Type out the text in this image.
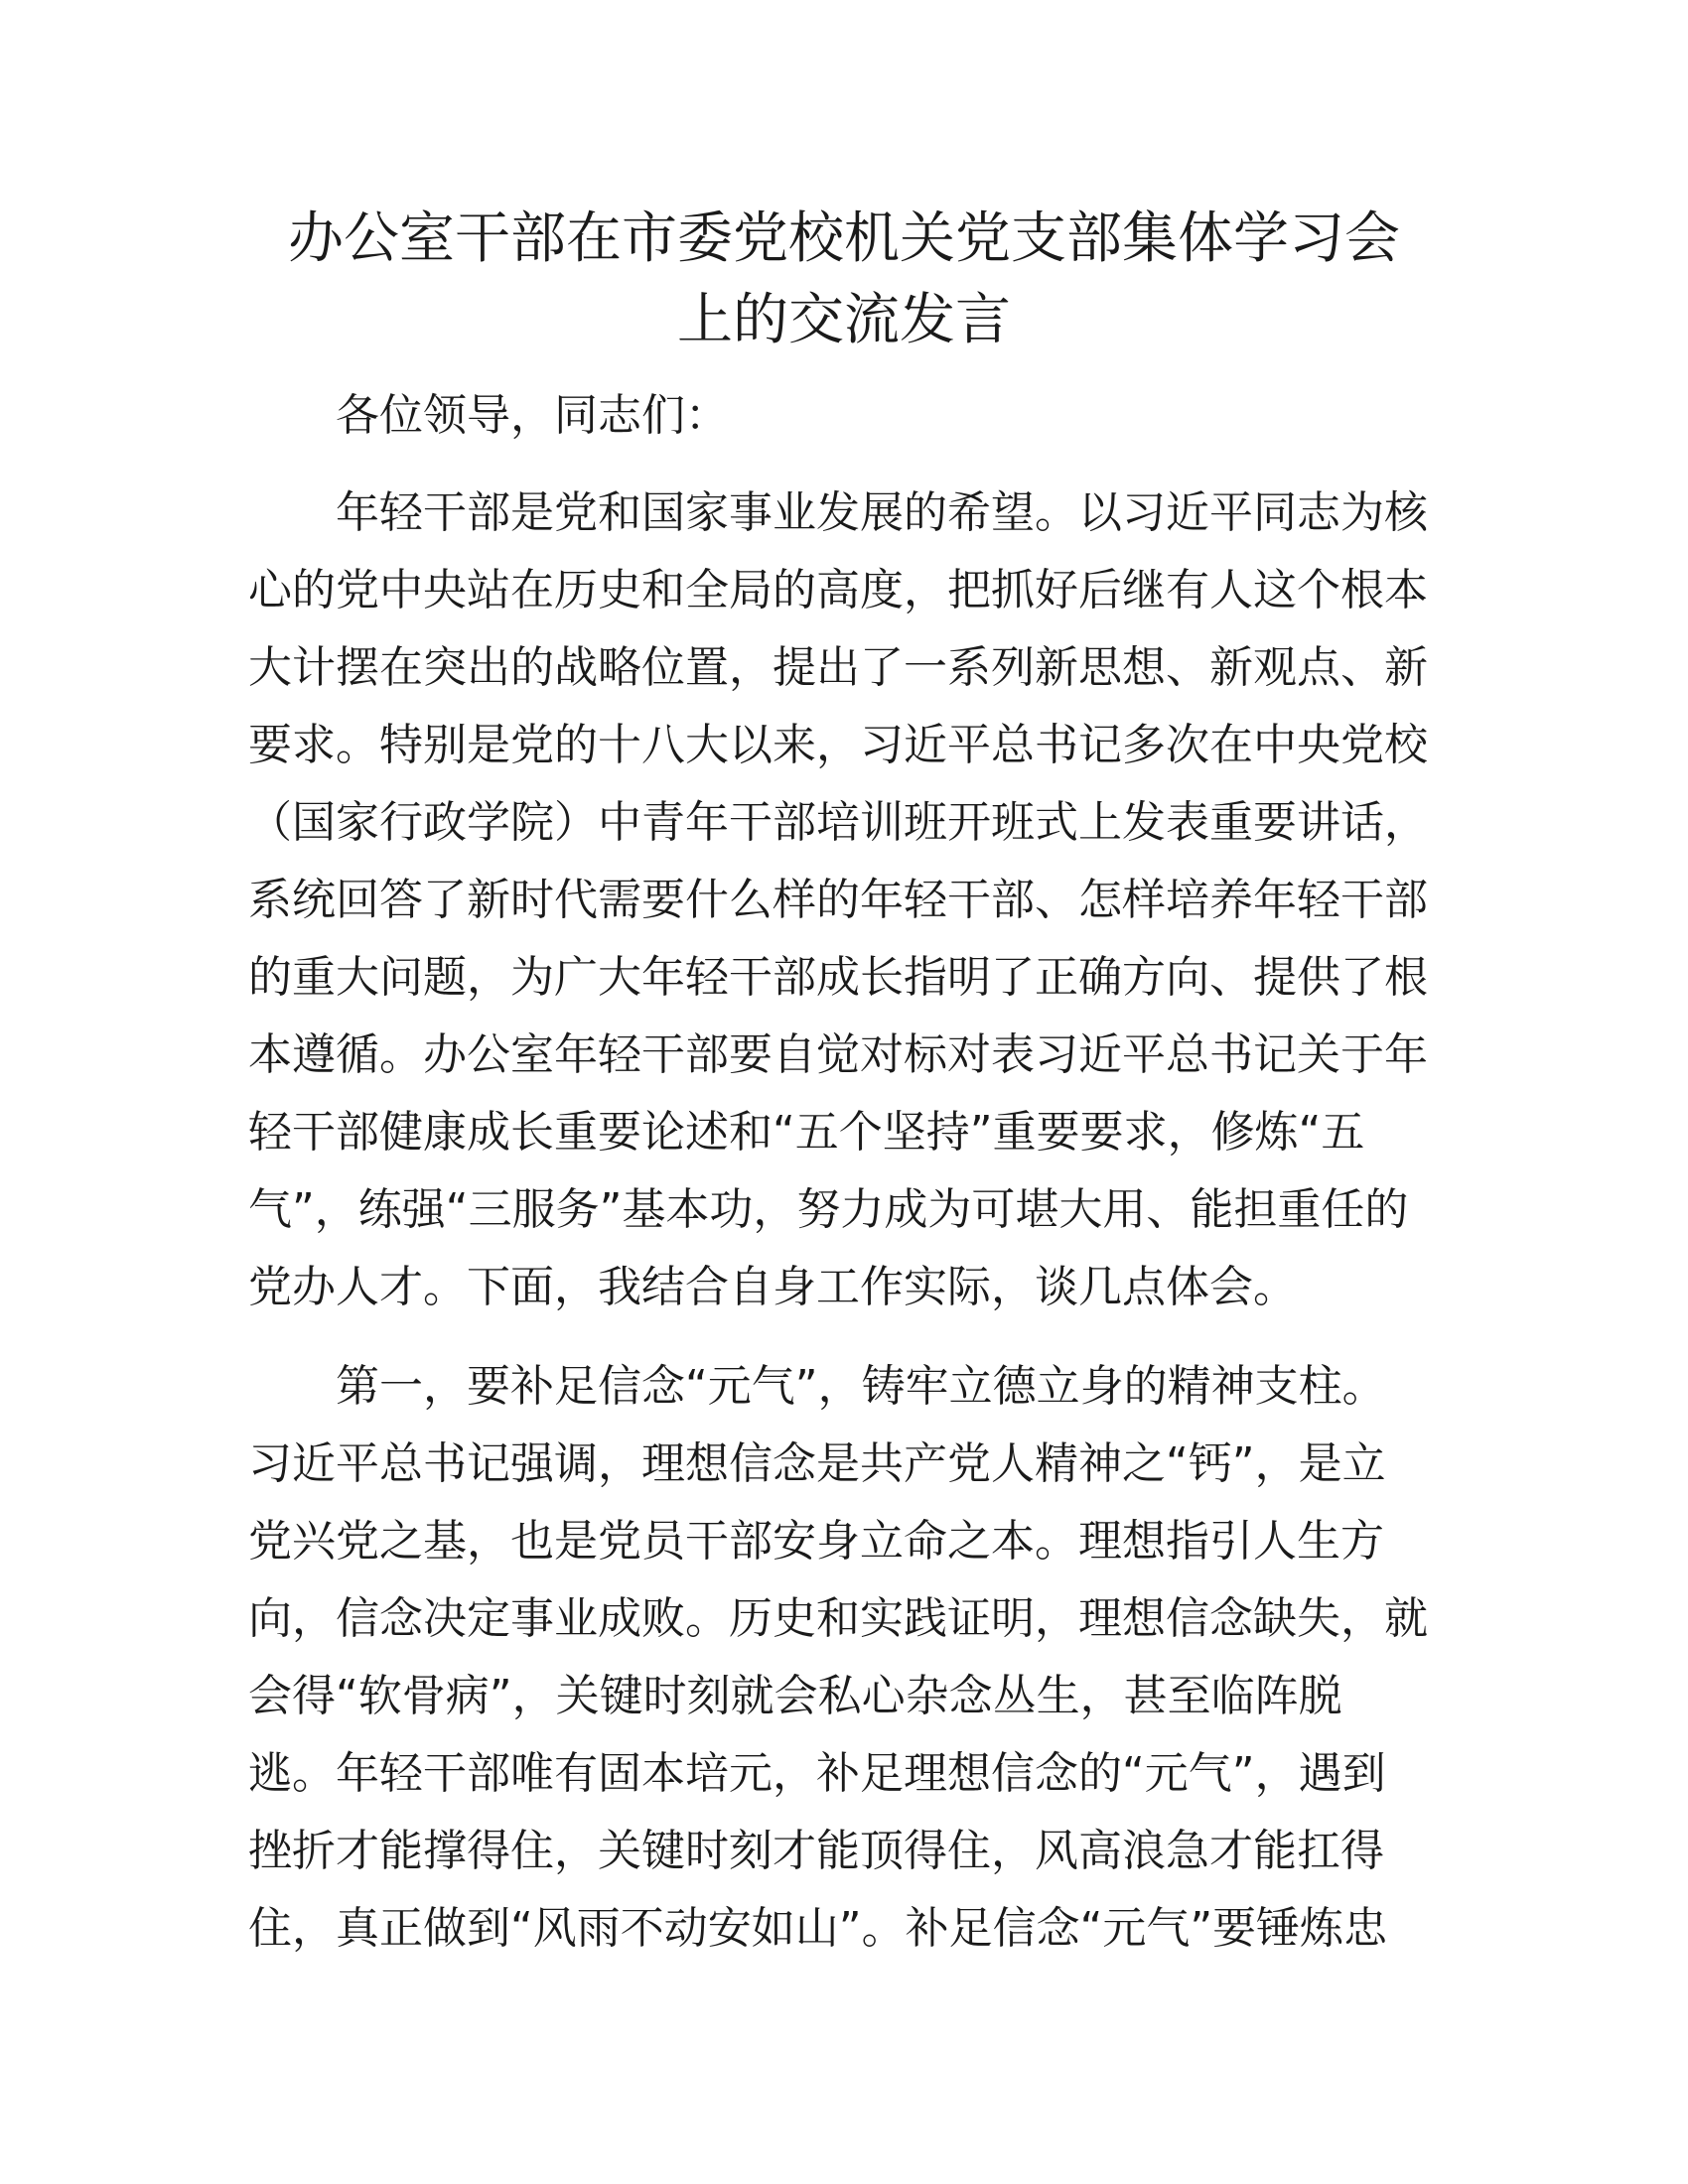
办公室干部在市委党校机关党支部集体学习会
上的交流发言

各位领导，同志们：

年轻干部是党和国家事业发展的希望。以习近平同志为核
心的党中央站在历史和全局的高度，把抓好后继有人这个根本
大计摆在突出的战略位置，提出了一系列新思想、新观点、新
要求。特别是党的十八大以来，习近平总书记多次在中央党校
（国家行政学院）中青年干部培训班开班式上发表重要讲话，
系统回答了新时代需要什么样的年轻干部、怎样培养年轻干部
的重大问题，为广大年轻干部成长指明了正确方向、提供了根
本遵循。办公室年轻干部要自觉对标对表习近平总书记关于年
轻干部健康成长重要论述和“五个坚持”重要要求，修炼“五
气”，练强“三服务”基本功，努力成为可堪大用、能担重任的
党办人才。下面，我结合自身工作实际，谈几点体会。

第一，要补足信念“元气”，铸牢立德立身的精神支柱。
习近平总书记强调，理想信念是共产党人精神之“钙”，是立
党兴党之基，也是党员干部安身立命之本。理想指引人生方
向，信念决定事业成败。历史和实践证明，理想信念缺失，就
会得“软骨病”，关键时刻就会私心杂念丛生，甚至临阵脱
逃。年轻干部唯有固本培元，补足理想信念的“元气”，遇到
挫折才能撑得住，关键时刻才能顶得住，风高浪急才能扛得
住，真正做到“风雨不动安如山”。补足信念“元气”要锤炼忠
